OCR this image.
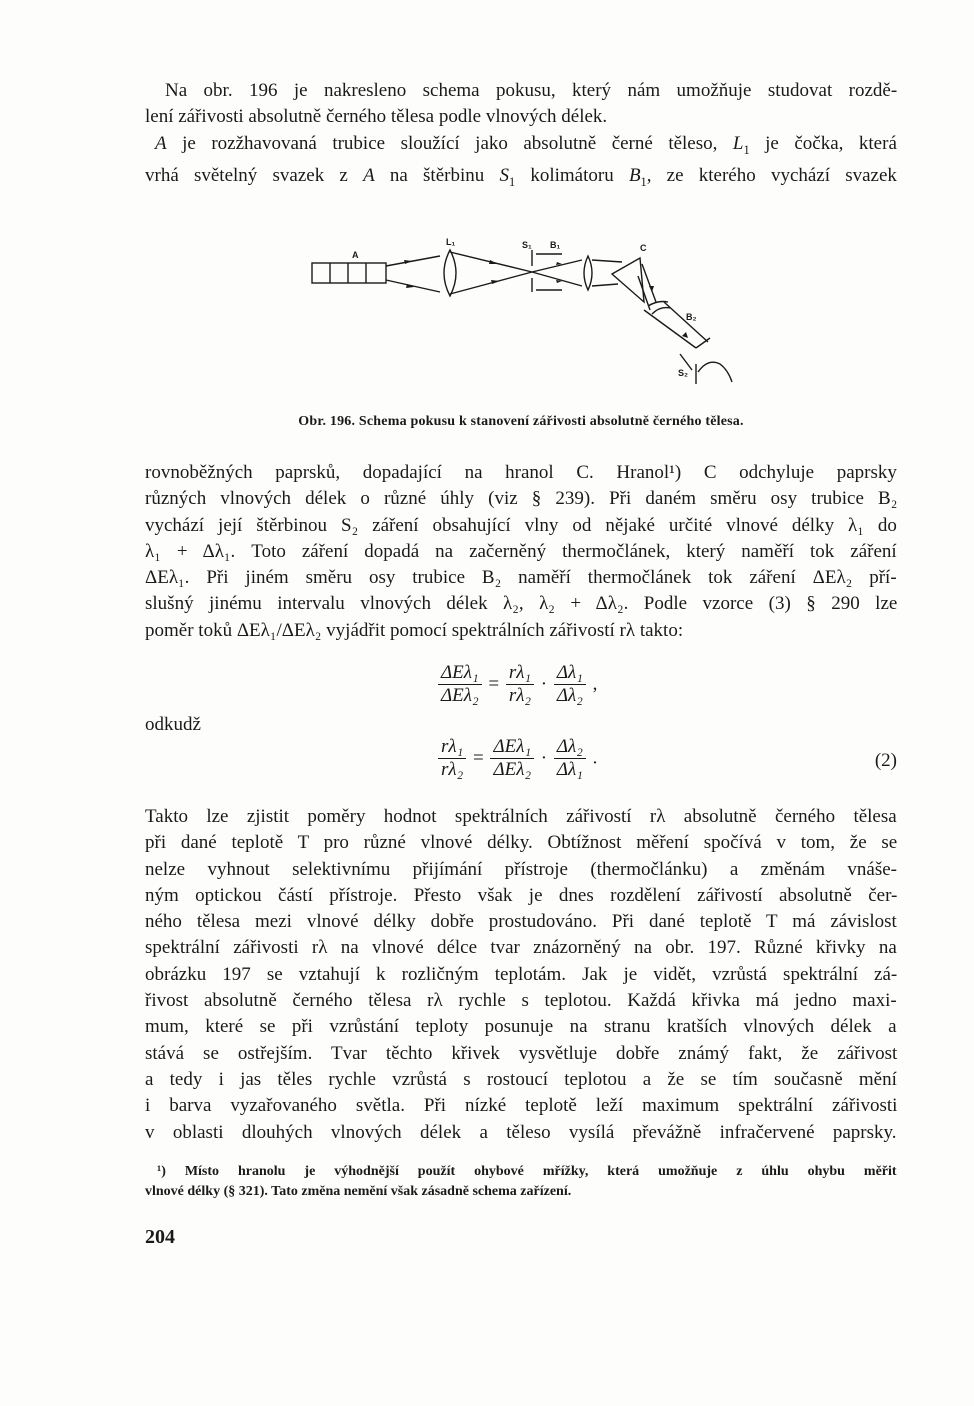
Na obr. 196 je nakresleno schema pokusu, který nám umožňuje studovat rozdě-
lení zářivosti absolutně černého tělesa podle vlnových délek.
A je rozžhavovaná trubice sloužící jako absolutně černé těleso, $L_1$ je čočka, která
vrhá světelný svazek z A na štěrbinu $S_1$ kolimátoru $B_1$, ze kterého vychází svazek
A
L₁	S₁ B₁	C
B₂
S₂
Obr. 196. Schema pokusu k stanovení zářivosti absolutně černého tělesa.
rovnoběžných paprsků, dopadající na hranol C. Hranol¹) C odchyluje paprsky
různých vlnových délek o různé úhly (viz § 239). Při daném směru osy trubice B₂
vychází její štěrbinou S₂ záření obsahující vlny od nějaké určité vlnové délky λ₁ do
λ₁ + Δλ₁. Toto záření dopadá na začerněný thermočlánek, který naměří tok záření
ΔEλ₁. Při jiném směru osy trubice B₂ naměří thermočlánek tok záření ΔEλ₂ pří-
slušný jinému intervalu vlnových délek λ₂, λ₂ + Δλ₂. Podle vzorce (3) § 290 lze
poměr toků ΔEλ₁/ΔEλ₂ vyjádřit pomocí spektrálních zářivostí rλ takto:
$\frac{\text{ΔEλ₁}}{\text{ΔEλ₂}} = \frac{\text{rλ₁}}{\text{rλ₂}} \cdot \frac{\text{Δλ₁}}{\text{Δλ₂}}$ ,
odkudž
$\frac{\text{rλ₁}}{\text{rλ₂}} = \frac{\text{ΔEλ₁}}{\text{ΔEλ₂}} \cdot \frac{\text{Δλ₂}}{\text{Δλ₁}}$ .	(2)
Takto lze zjistit poměry hodnot spektrálních zářivostí rλ absolutně černého tělesa
při dané teplotě T pro různé vlnové délky. Obtížnost měření spočívá v tom, že se
nelze vyhnout selektivnímu přijímání přístroje (thermočlánku) a změnám vnáše-
ným optickou částí přístroje. Přesto však je dnes rozdělení zářivostí absolutně čer-
ného tělesa mezi vlnové délky dobře prostudováno. Při dané teplotě T má závislost
spektrální zářivosti rλ na vlnové délce tvar znázorněný na obr. 197. Různé křivky na
obrázku 197 se vztahují k rozličným teplotám. Jak je vidět, vzrůstá spektrální zá-
řivost absolutně černého tělesa rλ rychle s teplotou. Každá křivka má jedno maxi-
mum, které se při vzrůstání teploty posunuje na stranu kratších vlnových délek a
stává se ostřejším. Tvar těchto křivek vysvětluje dobře známý fakt, že zářivost
a tedy i jas těles rychle vzrůstá s rostoucí teplotou a že se tím současně mění
i barva vyzařovaného světla. Při nízké teplotě leží maximum spektrální zářivosti
v oblasti dlouhých vlnových délek a těleso vysílá převážně infračervené paprsky.
¹) Místo hranolu je výhodnější použít ohybové mřížky, která umožňuje z úhlu ohybu měřit
vlnové délky (§ 321). Tato změna nemění však zásadně schema zařízení.
204
